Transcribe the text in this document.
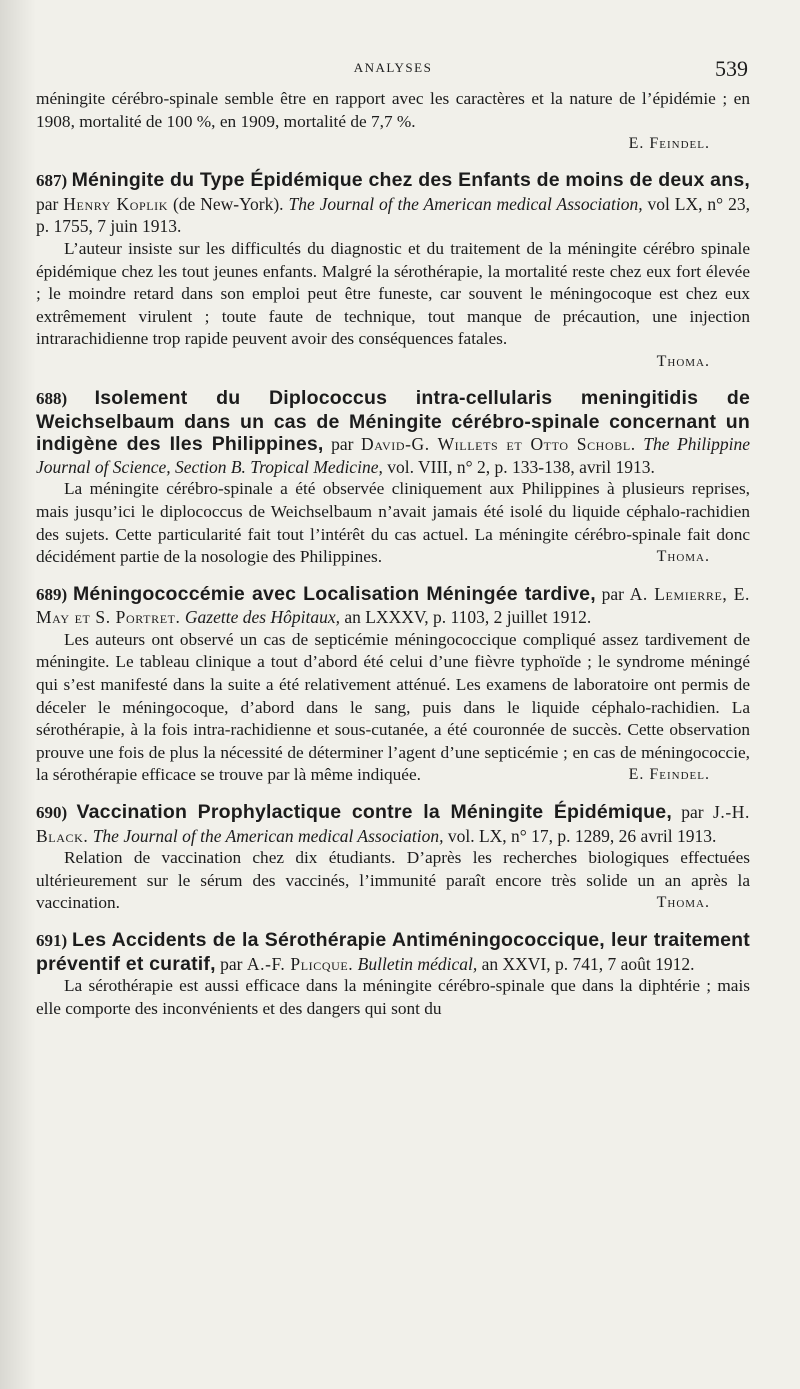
ANALYSES	539

méningite cérébro-spinale semble être en rapport avec les caractères et la nature de l’épidémie ; en 1908, mortalité de 100 %, en 1909, mortalité de 7,7 %.

E. Feindel.

687) Méningite du Type Épidémique chez des Enfants de moins de deux ans, par Henry Koplik (de New-York). The Journal of the American medical Association, vol LX, n° 23, p. 1755, 7 juin 1913.

L’auteur insiste sur les difficultés du diagnostic et du traitement de la méningite cérébro spinale épidémique chez les tout jeunes enfants. Malgré la sérothérapie, la mortalité reste chez eux fort élevée ; le moindre retard dans son emploi peut être funeste, car souvent le méningocoque est chez eux extrêmement virulent ; toute faute de technique, tout manque de précaution, une injection intrarachidienne trop rapide peuvent avoir des conséquences fatales.

Thoma.

688) Isolement du Diplococcus intra-cellularis meningitidis de Weichselbaum dans un cas de Méningite cérébro-spinale concernant un indigène des Iles Philippines, par David-G. Willets et Otto Schobl. The Philippine Journal of Science, Section B. Tropical Medicine, vol. VIII, n° 2, p. 133-138, avril 1913.

La méningite cérébro-spinale a été observée cliniquement aux Philippines à plusieurs reprises, mais jusqu’ici le diplococcus de Weichselbaum n’avait jamais été isolé du liquide céphalo-rachidien des sujets. Cette particularité fait tout l’intérêt du cas actuel. La méningite cérébro-spinale fait donc décidément partie de la nosologie des Philippines.	Thoma.

689) Méningococcémie avec Localisation Méningée tardive, par A. Lemierre, E. May et S. Portret. Gazette des Hôpitaux, an LXXXV, p. 1103, 2 juillet 1912.

Les auteurs ont observé un cas de septicémie méningococcique compliqué assez tardivement de méningite. Le tableau clinique a tout d’abord été celui d’une fièvre typhoïde ; le syndrome méningé qui s’est manifesté dans la suite a été relativement atténué. Les examens de laboratoire ont permis de déceler le méningocoque, d’abord dans le sang, puis dans le liquide céphalo-rachidien. La sérothérapie, à la fois intra-rachidienne et sous-cutanée, a été couronnée de succès. Cette observation prouve une fois de plus la nécessité de déterminer l’agent d’une septicémie ; en cas de méningococcie, la sérothérapie efficace se trouve par là même indiquée.	E. Feindel.

690) Vaccination Prophylactique contre la Méningite Épidémique, par J.-H. Black. The Journal of the American medical Association, vol. LX, n° 17, p. 1289, 26 avril 1913.

Relation de vaccination chez dix étudiants. D’après les recherches biologiques effectuées ultérieurement sur le sérum des vaccinés, l’immunité paraît encore très solide un an après la vaccination.	Thoma.

691) Les Accidents de la Sérothérapie Antiméningococcique, leur traitement préventif et curatif, par A.-F. Plicque. Bulletin médical, an XXVI, p. 741, 7 août 1912.

La sérothérapie est aussi efficace dans la méningite cérébro-spinale que dans la diphtérie ; mais elle comporte des inconvénients et des dangers qui sont du
